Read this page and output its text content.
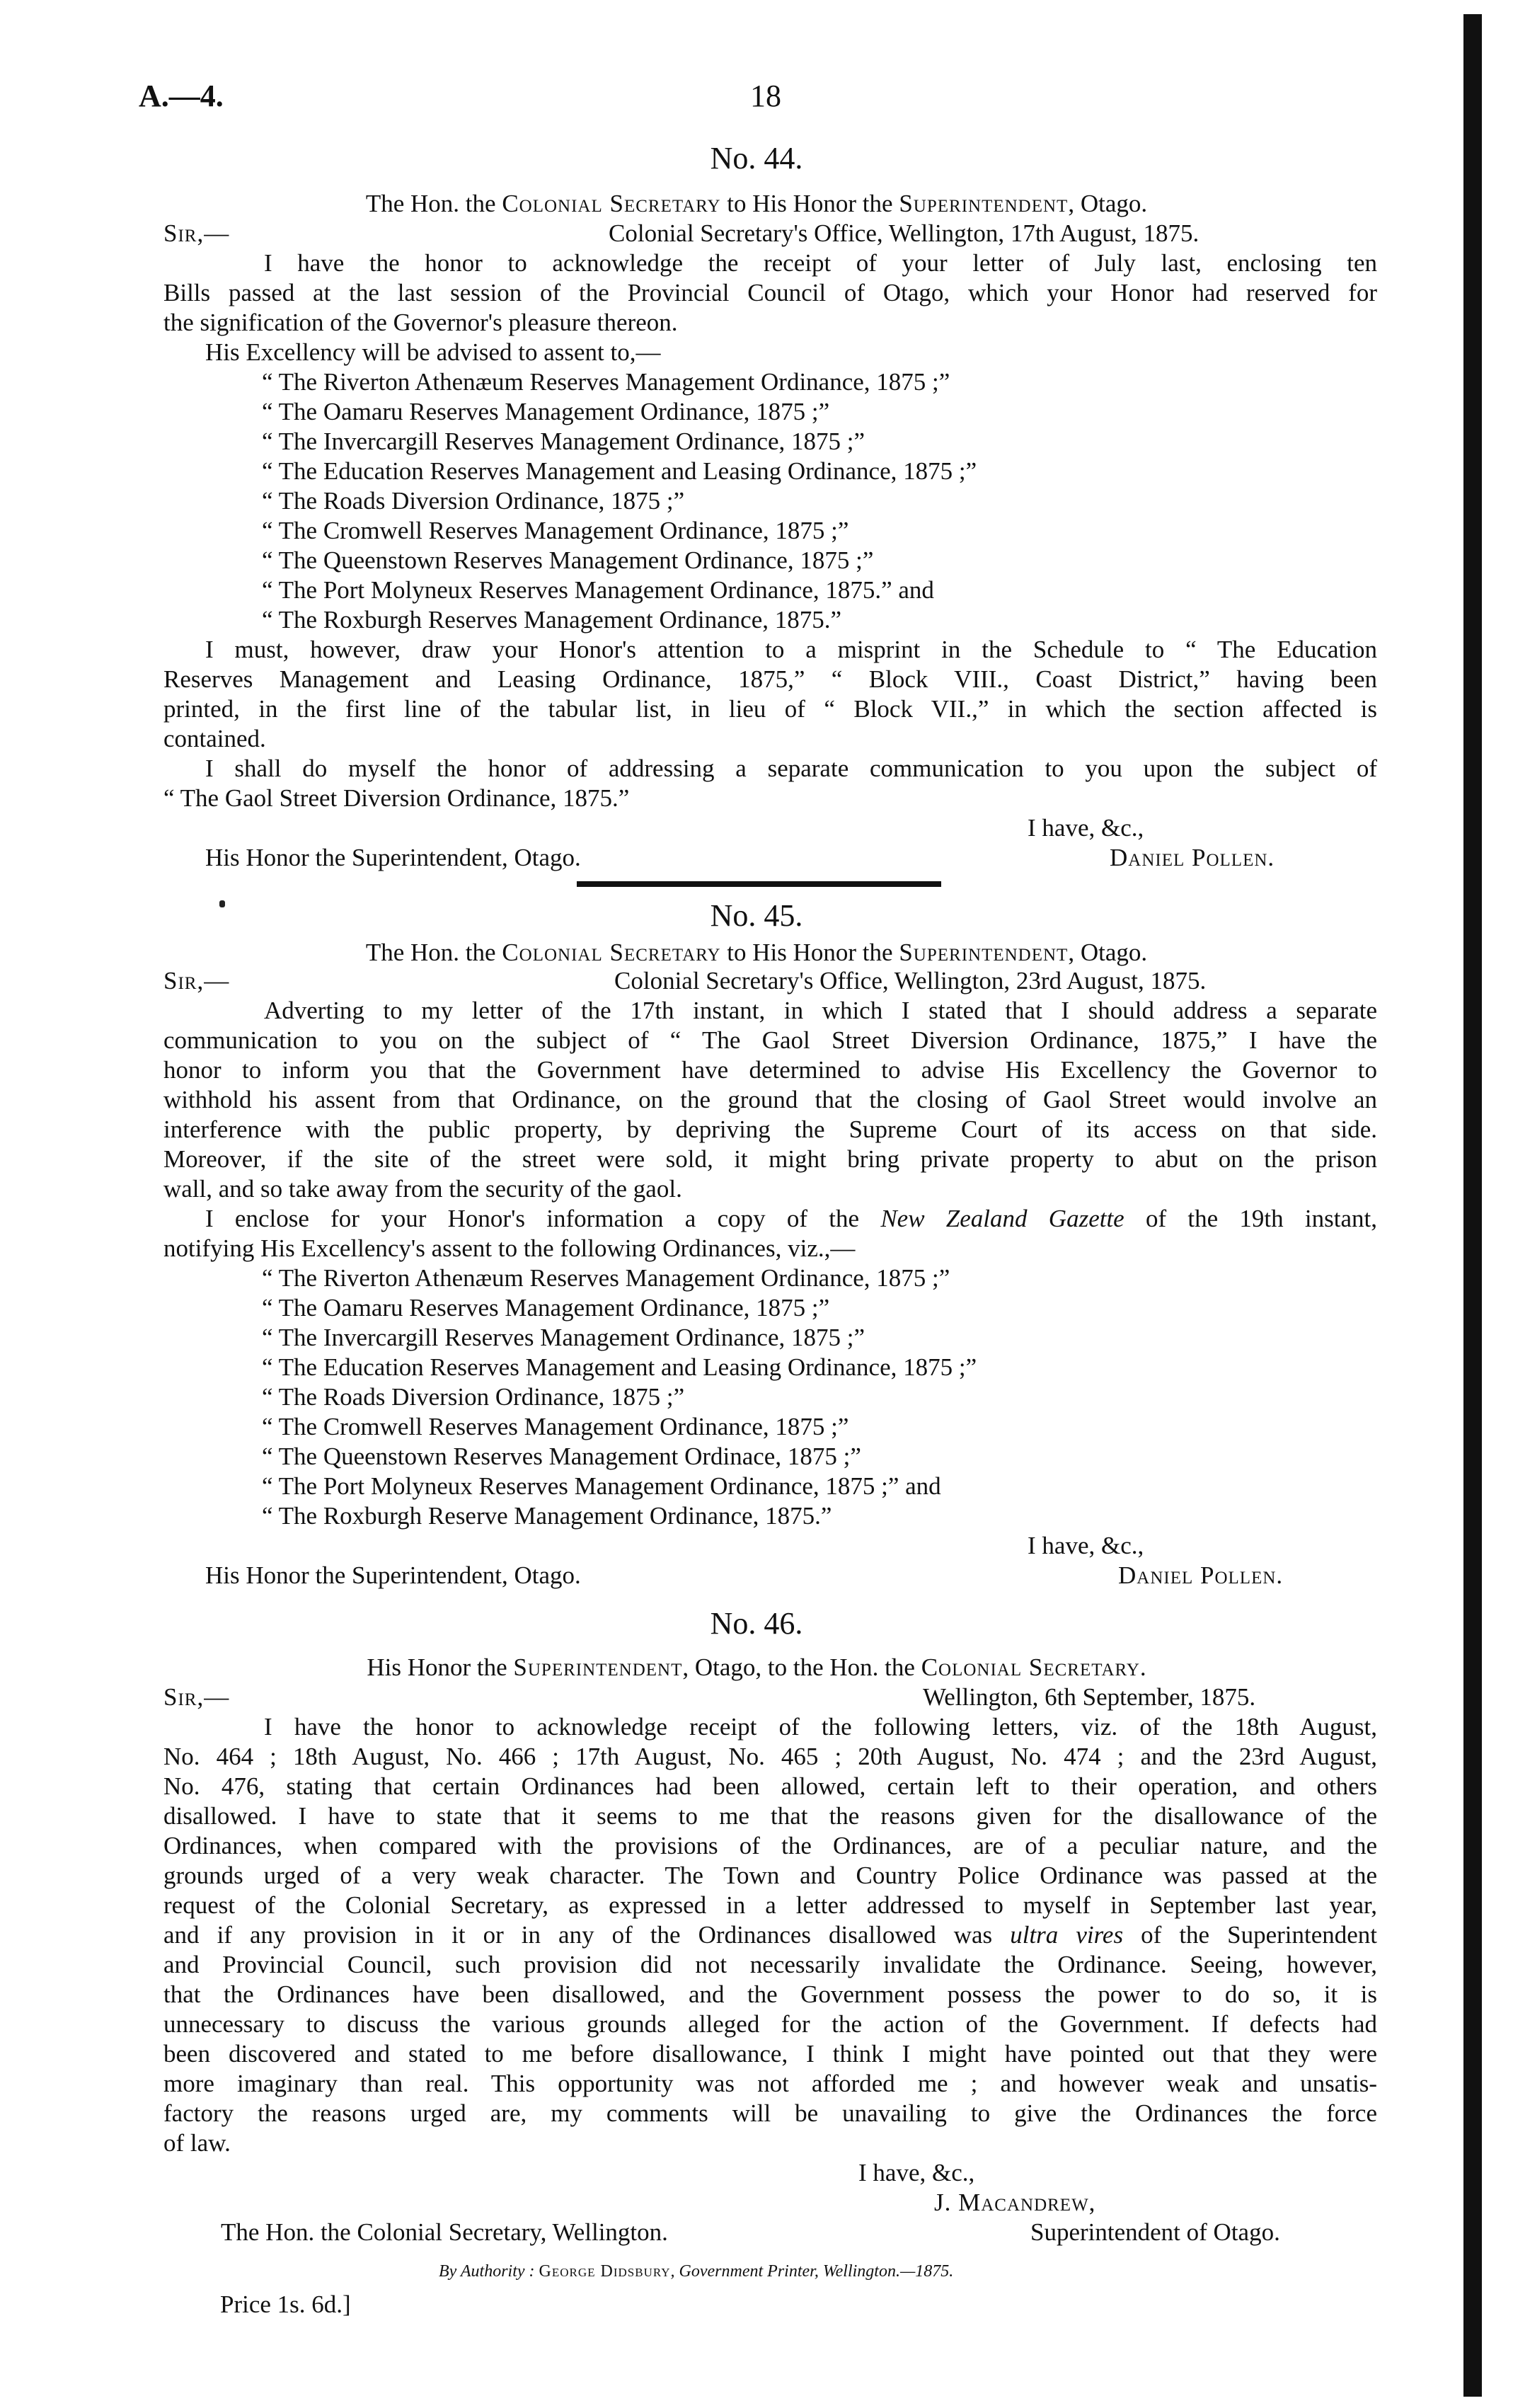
A.—4.	18
No. 44.
The Hon. the Colonial Secretary to His Honor the Superintendent, Otago.
Sir,—	Colonial Secretary's Office, Wellington, 17th August, 1875.
I have the honor to acknowledge the receipt of your letter of July last, enclosing ten
Bills passed at the last session of the Provincial Council of Otago, which your Honor had reserved for
the signification of the Governor's pleasure thereon.
His Excellency will be advised to assent to,—
“ The Riverton Athenæum Reserves Management Ordinance, 1875 ;”
“ The Oamaru Reserves Management Ordinance, 1875 ;”
“ The Invercargill Reserves Management Ordinance, 1875 ;”
“ The Education Reserves Management and Leasing Ordinance, 1875 ;”
“ The Roads Diversion Ordinance, 1875 ;”
“ The Cromwell Reserves Management Ordinance, 1875 ;”
“ The Queenstown Reserves Management Ordinance, 1875 ;”
“ The Port Molyneux Reserves Management Ordinance, 1875.” and
“ The Roxburgh Reserves Management Ordinance, 1875.”
I must, however, draw your Honor's attention to a misprint in the Schedule to “ The Education
Reserves Management and Leasing Ordinance, 1875,” “ Block VIII., Coast District,” having been
printed, in the first line of the tabular list, in lieu of “ Block VII.,” in which the section affected is
contained.
I shall do myself the honor of addressing a separate communication to you upon the subject of
“ The Gaol Street Diversion Ordinance, 1875.”
I have, &c.,
His Honor the Superintendent, Otago.	Daniel Pollen.
No. 45.
The Hon. the Colonial Secretary to His Honor the Superintendent, Otago.
Sir,—	Colonial Secretary's Office, Wellington, 23rd August, 1875.
Adverting to my letter of the 17th instant, in which I stated that I should address a separate
communication to you on the subject of “ The Gaol Street Diversion Ordinance, 1875,” I have the
honor to inform you that the Government have determined to advise His Excellency the Governor to
withhold his assent from that Ordinance, on the ground that the closing of Gaol Street would involve an
interference with the public property, by depriving the Supreme Court of its access on that side.
Moreover, if the site of the street were sold, it might bring private property to abut on the prison
wall, and so take away from the security of the gaol.
I enclose for your Honor's information a copy of the New Zealand Gazette of the 19th instant,
notifying His Excellency's assent to the following Ordinances, viz.,—
“ The Riverton Athenæum Reserves Management Ordinance, 1875 ;”
“ The Oamaru Reserves Management Ordinance, 1875 ;”
“ The Invercargill Reserves Management Ordinance, 1875 ;”
“ The Education Reserves Management and Leasing Ordinance, 1875 ;”
“ The Roads Diversion Ordinance, 1875 ;”
“ The Cromwell Reserves Management Ordinance, 1875 ;”
“ The Queenstown Reserves Management Ordinace, 1875 ;”
“ The Port Molyneux Reserves Management Ordinance, 1875 ;” and
“ The Roxburgh Reserve Management Ordinance, 1875.”
I have, &c.,
His Honor the Superintendent, Otago.	Daniel Pollen.
No. 46.
His Honor the Superintendent, Otago, to the Hon. the Colonial Secretary.
Sir,—	Wellington, 6th September, 1875.
I have the honor to acknowledge receipt of the following letters, viz. of the 18th August,
No. 464 ; 18th August, No. 466 ; 17th August, No. 465 ; 20th August, No. 474 ; and the 23rd August,
No. 476, stating that certain Ordinances had been allowed, certain left to their operation, and others
disallowed. I have to state that it seems to me that the reasons given for the disallowance of the
Ordinances, when compared with the provisions of the Ordinances, are of a peculiar nature, and the
grounds urged of a very weak character. The Town and Country Police Ordinance was passed at the
request of the Colonial Secretary, as expressed in a letter addressed to myself in September last year,
and if any provision in it or in any of the Ordinances disallowed was ultra vires of the Superintendent
and Provincial Council, such provision did not necessarily invalidate the Ordinance. Seeing, however,
that the Ordinances have been disallowed, and the Government possess the power to do so, it is
unnecessary to discuss the various grounds alleged for the action of the Government. If defects had
been discovered and stated to me before disallowance, I think I might have pointed out that they were
more imaginary than real. This opportunity was not afforded me ; and however weak and unsatis-
factory the reasons urged are, my comments will be unavailing to give the Ordinances the force
of law.
I have, &c.,
J. Macandrew,
The Hon. the Colonial Secretary, Wellington.	Superintendent of Otago.
By Authority : George Didsbury, Government Printer, Wellington.—1875.
Price 1s. 6d.]
